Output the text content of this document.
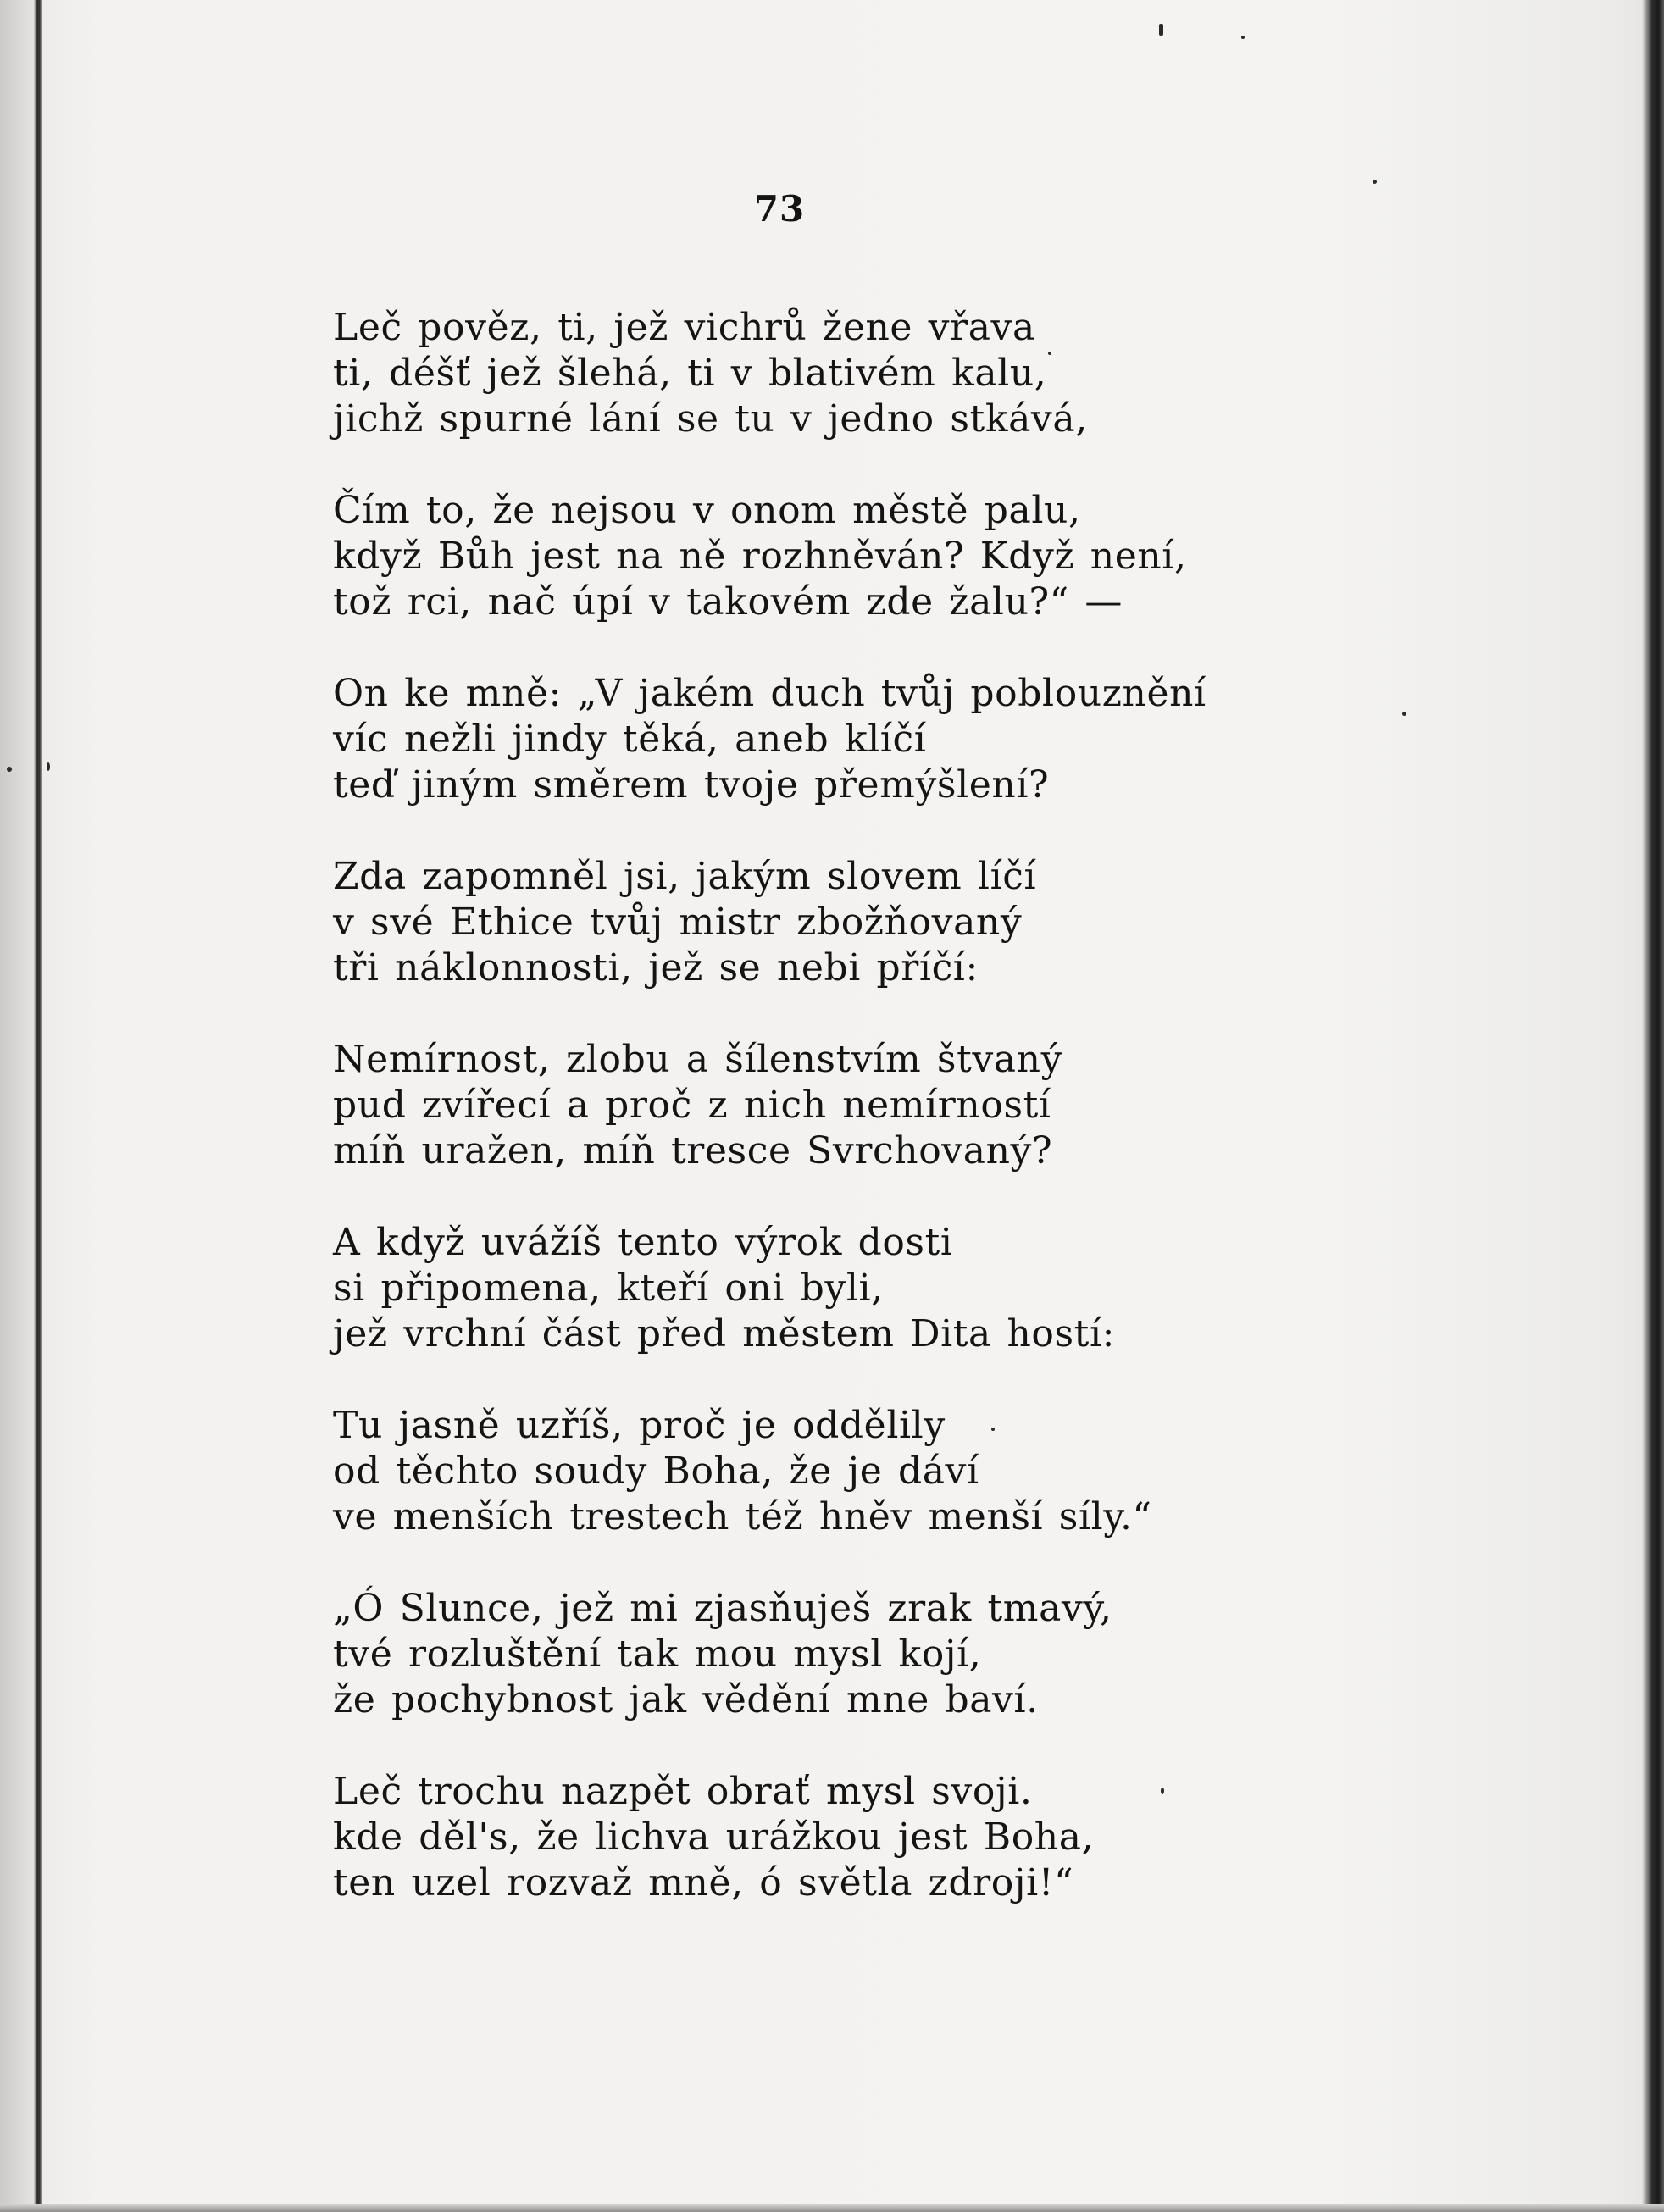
73
Leč pověz, ti, jež vichrů žene vřava
ti, déšť jež šlehá, ti v blativém kalu,
jichž spurné lání se tu v jedno stkává,
Čím to, že nejsou v onom městě palu,
když Bůh jest na ně rozhněván? Když není,
tož rci, nač úpí v takovém zde žalu?“ —
On ke mně: „V jakém duch tvůj poblouznění
víc nežli jindy těká, aneb klíčí
teď jiným směrem tvoje přemýšlení?
Zda zapomněl jsi, jakým slovem líčí
v své Ethice tvůj mistr zbožňovaný
tři náklonnosti, jež se nebi příčí:
Nemírnost, zlobu a šílenstvím štvaný
pud zvířecí a proč z nich nemírností
míň uražen, míň tresce Svrchovaný?
A když uvážíš tento výrok dosti
si připomena, kteří oni byli,
jež vrchní část před městem Dita hostí:
Tu jasně uzříš, proč je oddělily
od těchto soudy Boha, že je dáví
ve menších trestech též hněv menší síly.“
„Ó Slunce, jež mi zjasňuješ zrak tmavý,
tvé rozluštění tak mou mysl kojí,
že pochybnost jak vědění mne baví.
Leč trochu nazpět obrať mysl svoji.
kde děl's, že lichva urážkou jest Boha,
ten uzel rozvaž mně, ó světla zdroji!“
